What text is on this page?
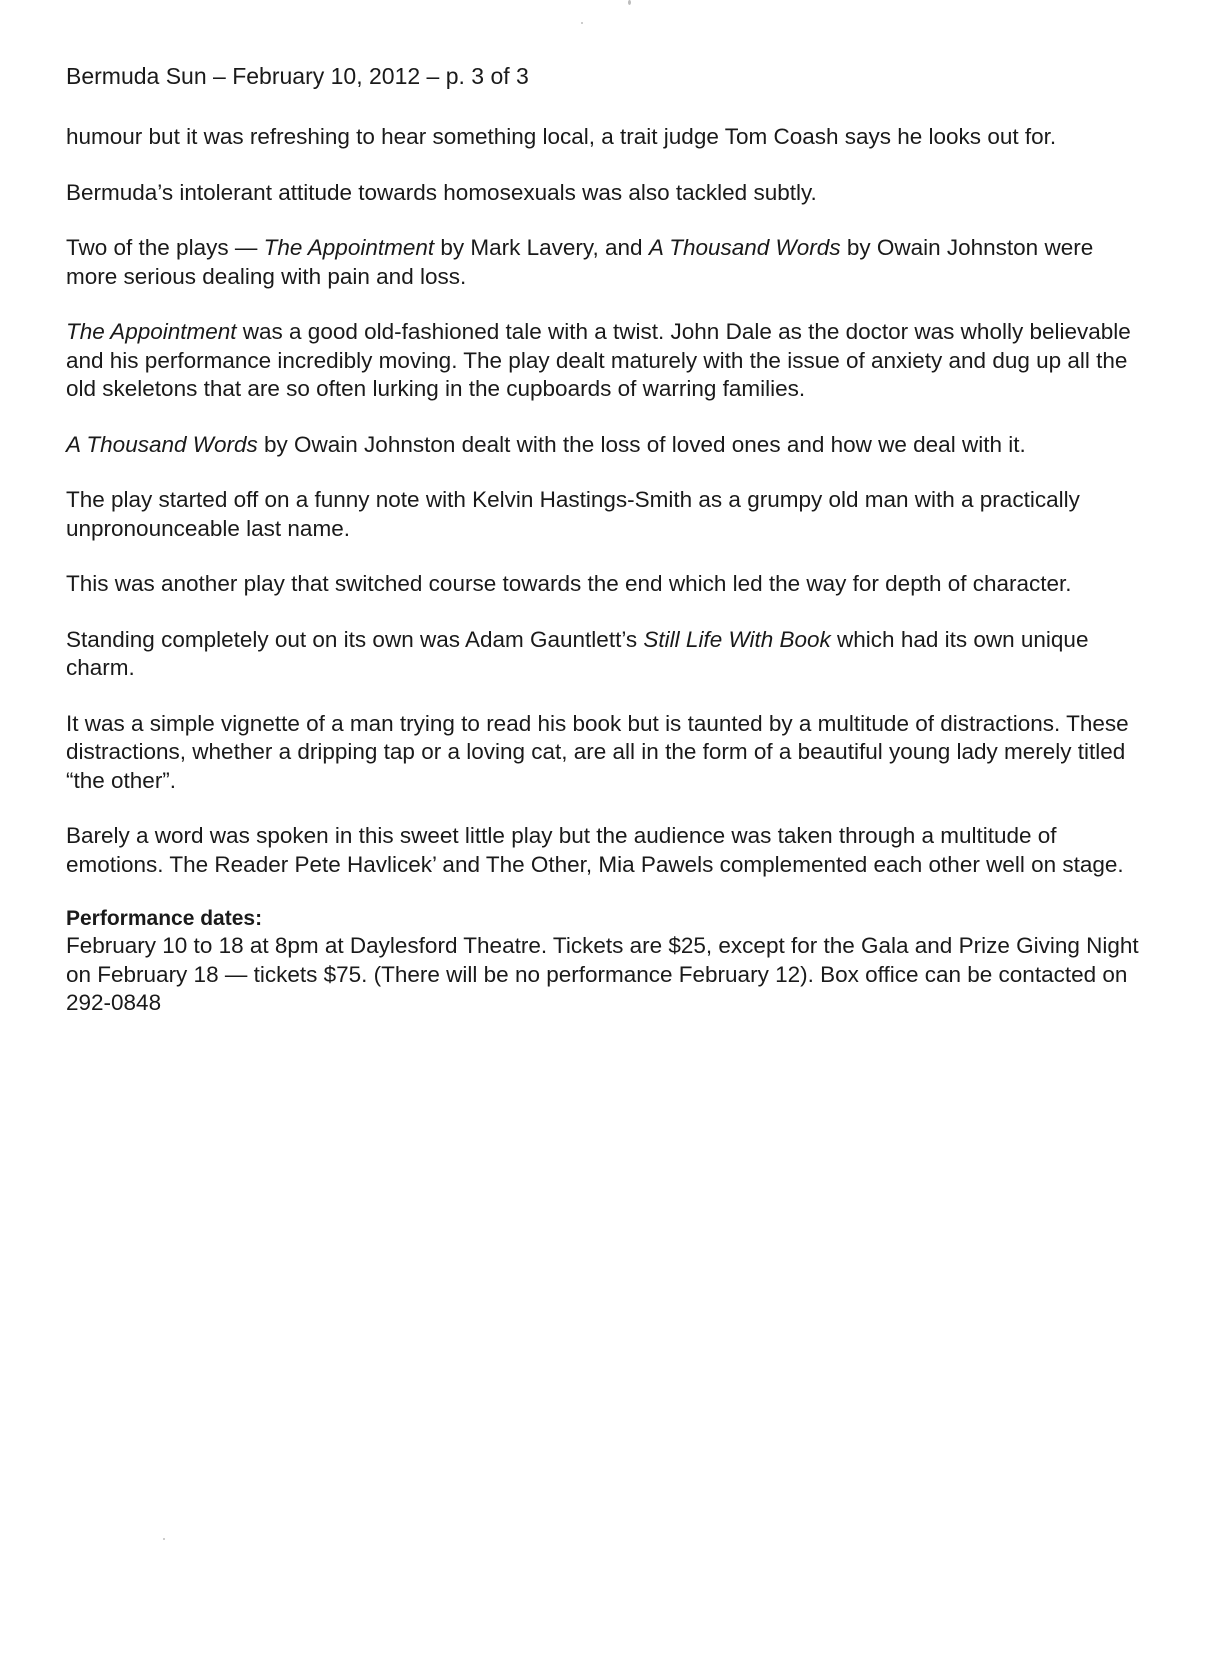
Bermuda Sun – February 10, 2012 – p. 3 of 3

humour but it was refreshing to hear something local, a trait judge Tom Coash says he looks out for.

Bermuda’s intolerant attitude towards homosexuals was also tackled subtly.

Two of the plays — The Appointment by Mark Lavery, and A Thousand Words by Owain Johnston were more serious dealing with pain and loss.

The Appointment was a good old-fashioned tale with a twist. John Dale as the doctor was wholly believable and his performance incredibly moving. The play dealt maturely with the issue of anxiety and dug up all the old skeletons that are so often lurking in the cupboards of warring families.

A Thousand Words by Owain Johnston dealt with the loss of loved ones and how we deal with it.

The play started off on a funny note with Kelvin Hastings-Smith as a grumpy old man with a practically unpronounceable last name.

This was another play that switched course towards the end which led the way for depth of character.

Standing completely out on its own was Adam Gauntlett’s Still Life With Book which had its own unique charm.

It was a simple vignette of a man trying to read his book but is taunted by a multitude of distractions. These distractions, whether a dripping tap or a loving cat, are all in the form of a beautiful young lady merely titled “the other”.

Barely a word was spoken in this sweet little play but the audience was taken through a multitude of emotions. The Reader Pete Havlicek’ and The Other, Mia Pawels complemented each other well on stage.

Performance dates:

February 10 to 18 at 8pm at Daylesford Theatre. Tickets are $25, except for the Gala and Prize Giving Night on February 18 — tickets $75. (There will be no performance February 12). Box office can be contacted on 292-0848
